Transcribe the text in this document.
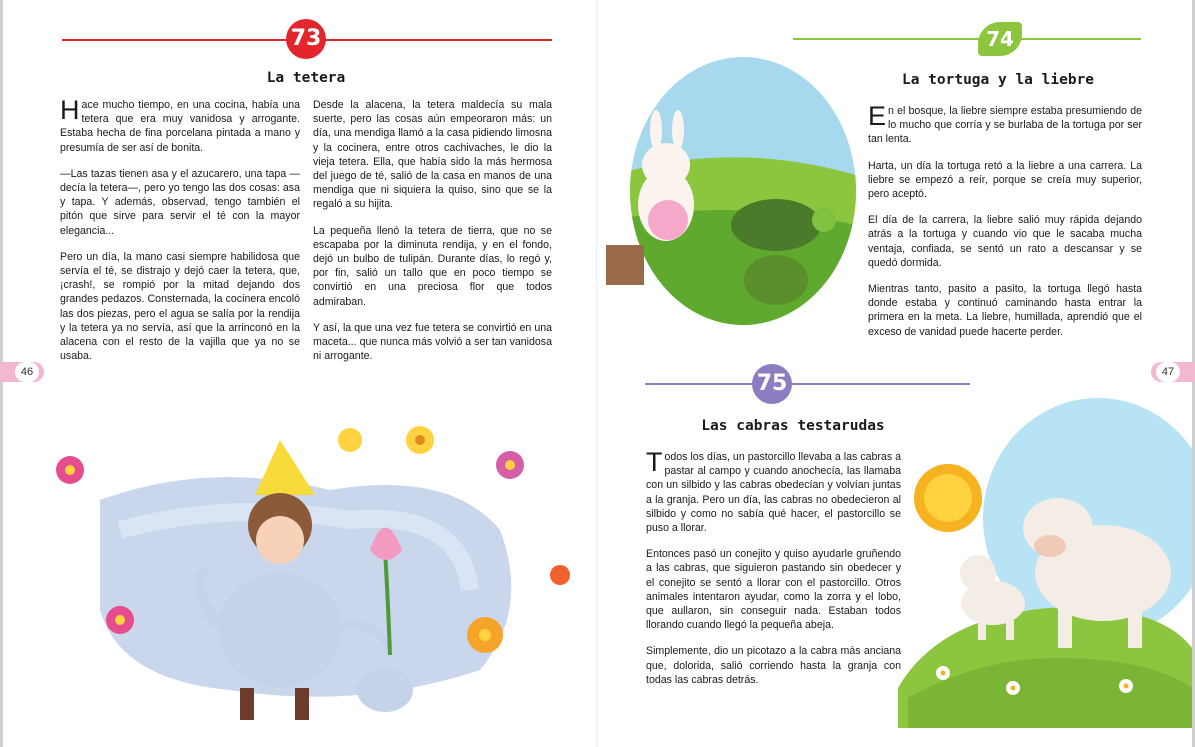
73
La tetera

Hace mucho tiempo, en una cocina, había una tetera que era muy vanidosa y arrogante. Estaba hecha de fina porcelana pintada a mano y presumía de ser así de bonita.

—Las tazas tienen asa y el azucarero, una tapa —decía la tetera—, pero yo tengo las dos cosas: asa y tapa. Y además, observad, tengo también el pitón que sirve para servir el té con la mayor elegancia...

Pero un día, la mano casi siempre habilidosa que servía el té, se distrajo y dejó caer la tetera, que, ¡crash!, se rompió por la mitad dejando dos grandes pedazos. Consternada, la cocinera encoló las dos piezas, pero el agua se salía por la rendija y la tetera ya no servía, así que la arrinconó en la alacena con el resto de la vajilla que ya no se usaba.

Desde la alacena, la tetera maldecía su mala suerte, pero las cosas aún empeoraron más: un día, una mendiga llamó a la casa pidiendo limosna y la cocinera, entre otros cachivaches, le dio la vieja tetera. Ella, que había sido la más hermosa del juego de té, salió de la casa en manos de una mendiga que ni siquiera la quiso, sino que se la regaló a su hijita.

La pequeña llenó la tetera de tierra, que no se escapaba por la diminuta rendija, y en el fondo, dejó un bulbo de tulipán. Durante días, lo regó y, por fin, salió un tallo que en poco tiempo se convirtió en una preciosa flor que todos admiraban.

Y así, la que una vez fue tetera se convirtió en una maceta... que nunca más volvió a ser tan vanidosa ni arrogante.

46
74
La tortuga y la liebre

En el bosque, la liebre siempre estaba presumiendo de lo mucho que corría y se burlaba de la tortuga por ser tan lenta.

Harta, un día la tortuga retó a la liebre a una carrera. La liebre se empezó a reír, porque se creía muy superior, pero aceptó.

El día de la carrera, la liebre salió muy rápida dejando atrás a la tortuga y cuando vio que le sacaba mucha ventaja, confiada, se sentó un rato a descansar y se quedó dormida.

Mientras tanto, pasito a pasito, la tortuga llegó hasta donde estaba y continuó caminando hasta entrar la primera en la meta. La liebre, humillada, aprendió que el exceso de vanidad puede hacerte perder.

75
Las cabras testarudas

Todos los días, un pastorcillo llevaba a las cabras a pastar al campo y cuando anochecía, las llamaba con un silbido y las cabras obedecían y volvían juntas a la granja. Pero un día, las cabras no obedecieron al silbido y como no sabía qué hacer, el pastorcillo se puso a llorar.

Entonces pasó un conejito y quiso ayudarle gruñendo a las cabras, que siguieron pastando sin obedecer y el conejito se sentó a llorar con el pastorcillo. Otros animales intentaron ayudar, como la zorra y el lobo, que aullaron, sin conseguir nada. Estaban todos llorando cuando llegó la pequeña abeja.

Simplemente, dio un picotazo a la cabra más anciana que, dolorida, salió corriendo hasta la granja con todas las cabras detrás.

47
